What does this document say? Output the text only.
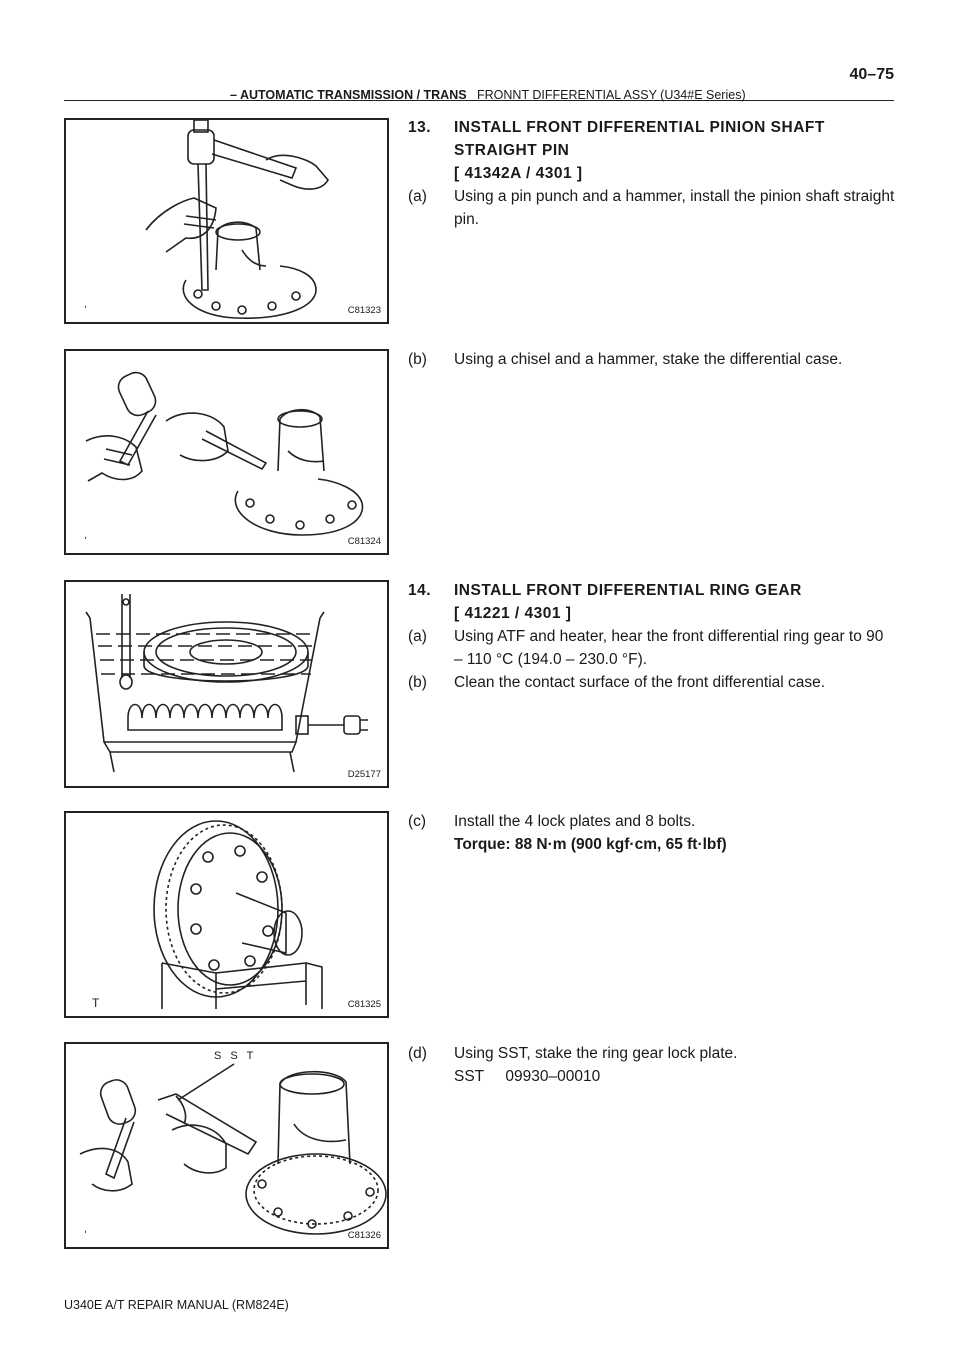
– AUTOMATIC TRANSMISSION / TRANS FRONNT DIFFERENTIAL ASSY (U34#E Series)
40–75
ʹ	C81323
ʹ	C81324
D25177
T	C81325
S S T
ʹ	C81326
13.	INSTALL FRONT DIFFERENTIAL PINION SHAFT
STRAIGHT PIN
[ 41342A / 4301 ]
(a)	Using a pin punch and a hammer, install the pinion shaft straight pin.
(b)	Using a chisel and a hammer, stake the differential case.
14.	INSTALL FRONT DIFFERENTIAL RING GEAR
[ 41221 / 4301 ]
(a)	Using ATF and heater, hear the front differential ring gear to 90 – 110 °C (194.0 – 230.0 °F).
(b)	Clean the contact surface of the front differential case.
(c)	Install the 4 lock plates and 8 bolts.
Torque: 88 N·m (900 kgf·cm, 65 ft·lbf)
(d)	Using SST, stake the ring gear lock plate.
SST     09930–00010
U340E A/T REPAIR MANUAL (RM824E)
